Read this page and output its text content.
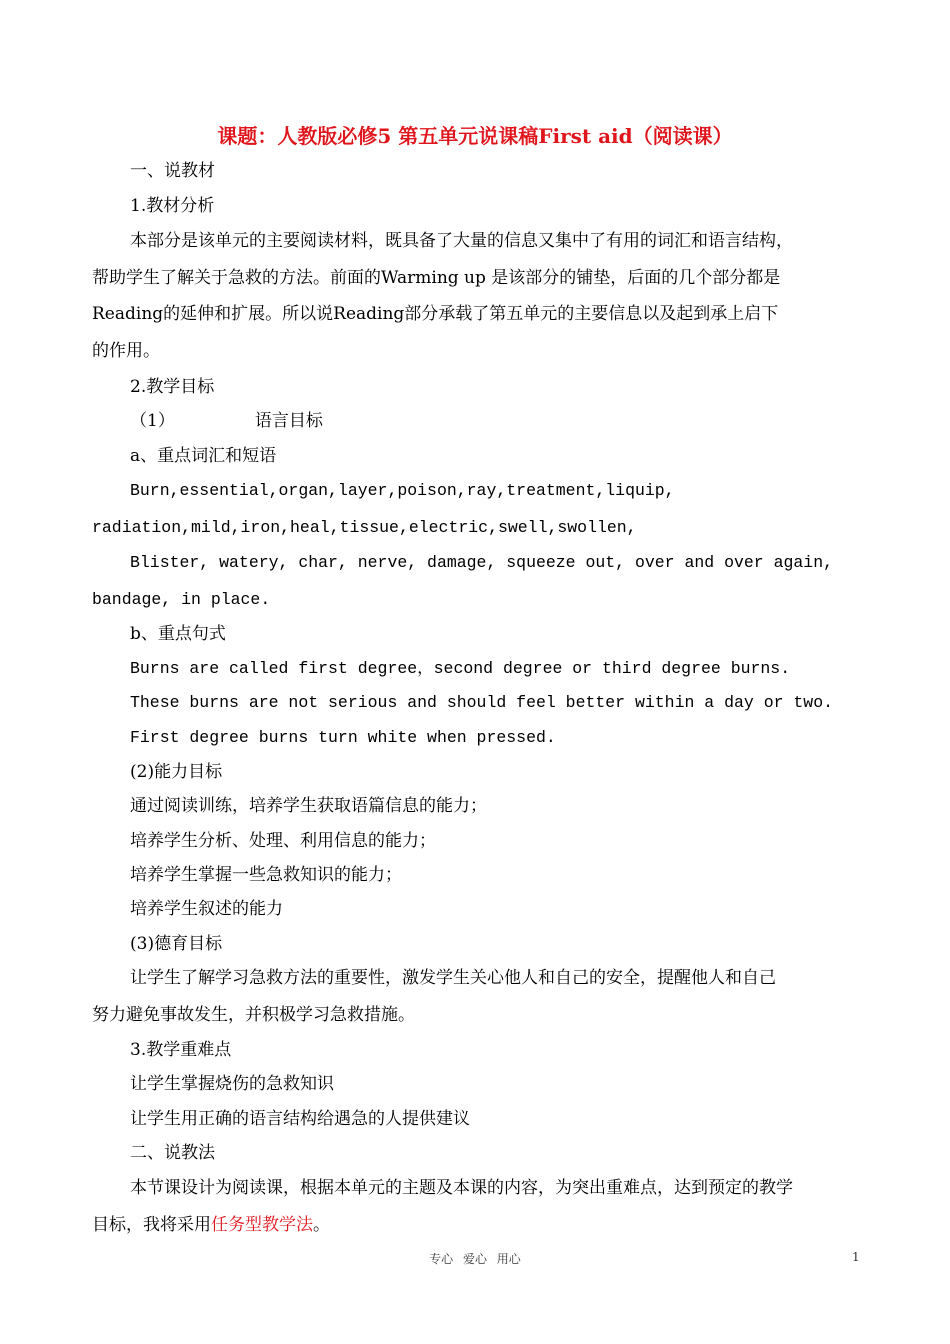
课题：人教版必修5 第五单元说课稿First aid（阅读课）
一、说教材
1.教材分析
本部分是该单元的主要阅读材料，既具备了大量的信息又集中了有用的词汇和语言结构，
帮助学生了解关于急救的方法。前面的Warming up 是该部分的铺垫，后面的几个部分都是
Reading的延伸和扩展。所以说Reading部分承载了第五单元的主要信息以及起到承上启下
的作用。
2.教学目标
（1）	语言目标
a、重点词汇和短语
Burn,essential,organ,layer,poison,ray,treatment,liquip,
radiation,mild,iron,heal,tissue,electric,swell,swollen,
Blister, watery, char, nerve, damage, squeeze out, over and over again,
bandage, in place.
b、重点句式
Burns are called first degree，second degree or third degree burns.
These burns are not serious and should feel better within a day or two.
First degree burns turn white when pressed.
(2)能力目标
通过阅读训练，培养学生获取语篇信息的能力；
培养学生分析、处理、利用信息的能力；
培养学生掌握一些急救知识的能力；
培养学生叙述的能力
(3)德育目标
让学生了解学习急救方法的重要性，激发学生关心他人和自己的安全，提醒他人和自己
努力避免事故发生，并积极学习急救措施。
3.教学重难点
让学生掌握烧伤的急救知识
让学生用正确的语言结构给遇急的人提供建议
二、说教法
本节课设计为阅读课，根据本单元的主题及本课的内容，为突出重难点，达到预定的教学
目标，我将采用任务型教学法。
专心 爱心 用心	1
